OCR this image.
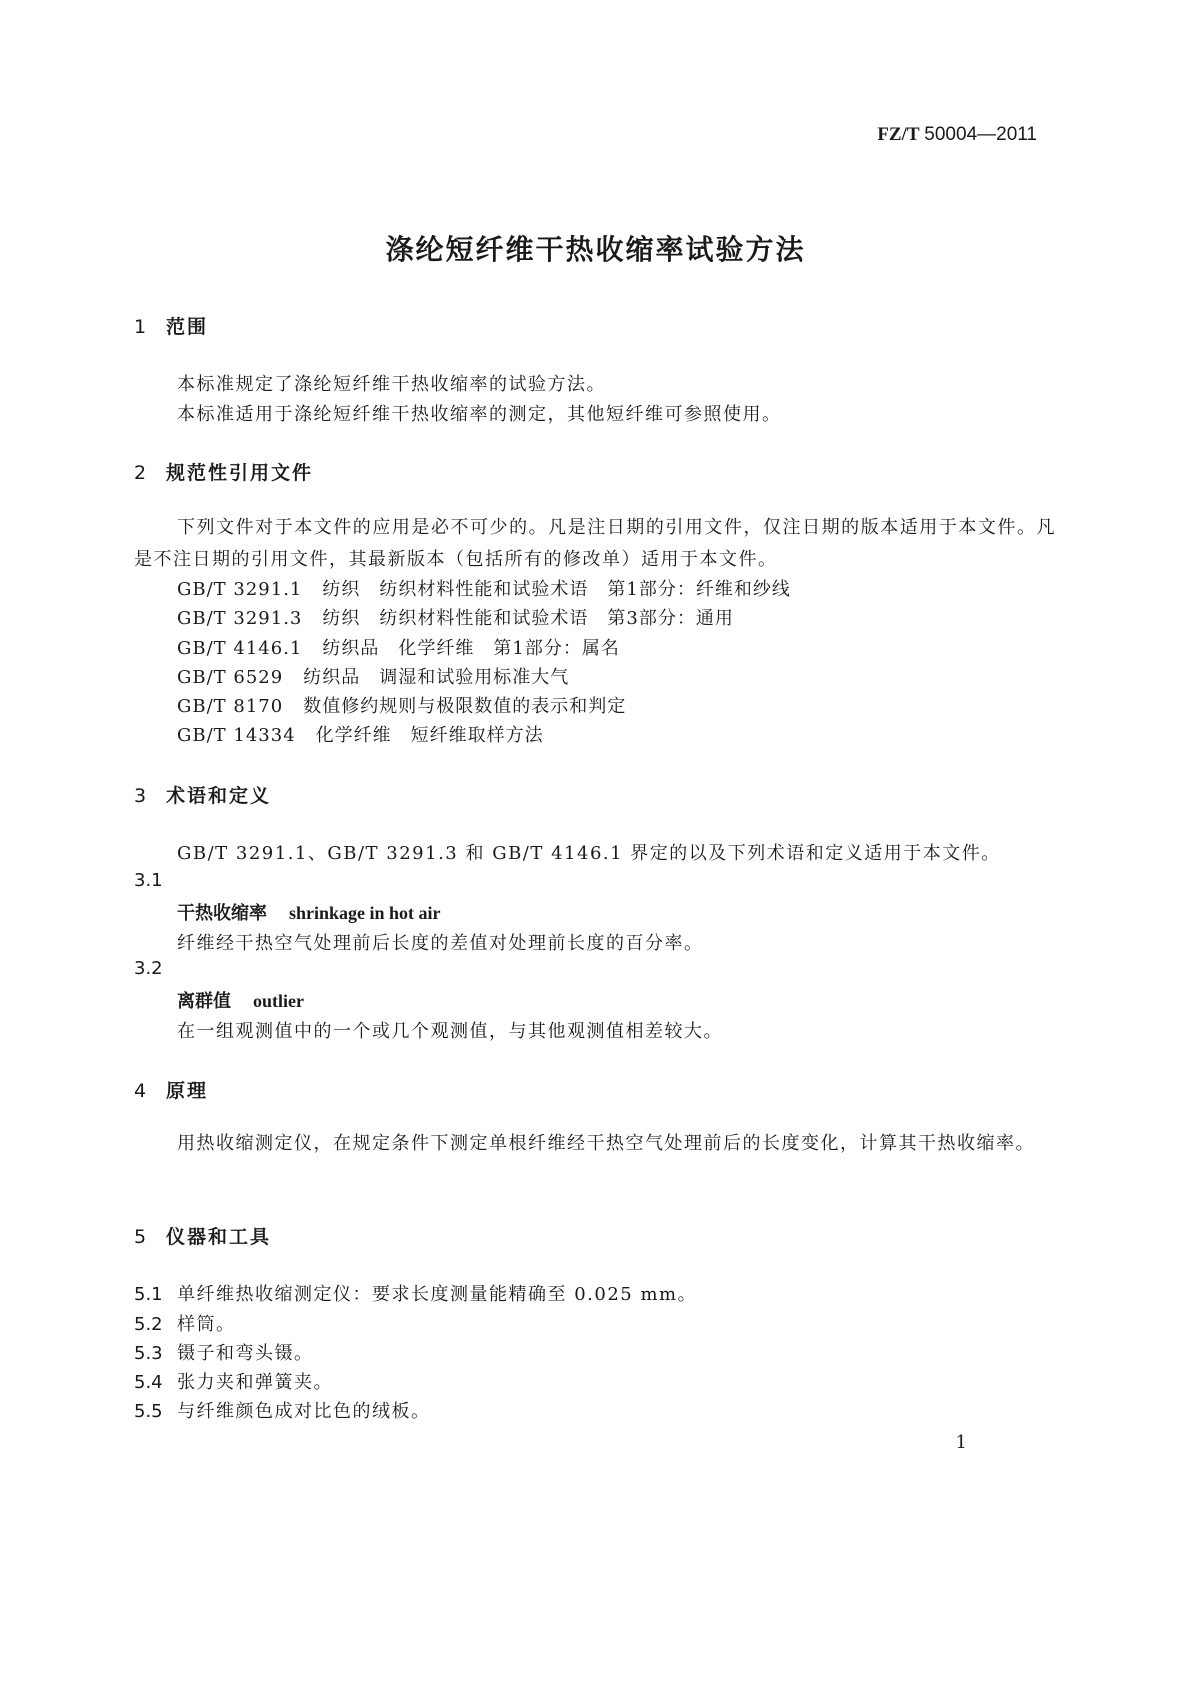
FZ/T 50004—2011
涤纶短纤维干热收缩率试验方法
1 范围
本标准规定了涤纶短纤维干热收缩率的试验方法。
本标准适用于涤纶短纤维干热收缩率的测定，其他短纤维可参照使用。
2 规范性引用文件
下列文件对于本文件的应用是必不可少的。凡是注日期的引用文件，仅注日期的版本适用于本文件。凡是不注日期的引用文件，其最新版本（包括所有的修改单）适用于本文件。
GB/T 3291.1 纺织　纺织材料性能和试验术语　第1部分：纤维和纱线
GB/T 3291.3 纺织　纺织材料性能和试验术语　第3部分：通用
GB/T 4146.1 纺织品　化学纤维　第1部分：属名
GB/T 6529 纺织品　调湿和试验用标准大气
GB/T 8170 数值修约规则与极限数值的表示和判定
GB/T 14334 化学纤维　短纤维取样方法
3 术语和定义
GB/T 3291.1、GB/T 3291.3 和 GB/T 4146.1 界定的以及下列术语和定义适用于本文件。
3.1
干热收缩率 shrinkage in hot air
纤维经干热空气处理前后长度的差值对处理前长度的百分率。
3.2
离群值 outlier
在一组观测值中的一个或几个观测值，与其他观测值相差较大。
4 原理
用热收缩测定仪，在规定条件下测定单根纤维经干热空气处理前后的长度变化，计算其干热收缩率。
5 仪器和工具
5.1 单纤维热收缩测定仪：要求长度测量能精确至 0.025 mm。
5.2 样筒。
5.3 镊子和弯头镊。
5.4 张力夹和弹簧夹。
5.5 与纤维颜色成对比色的绒板。
1
